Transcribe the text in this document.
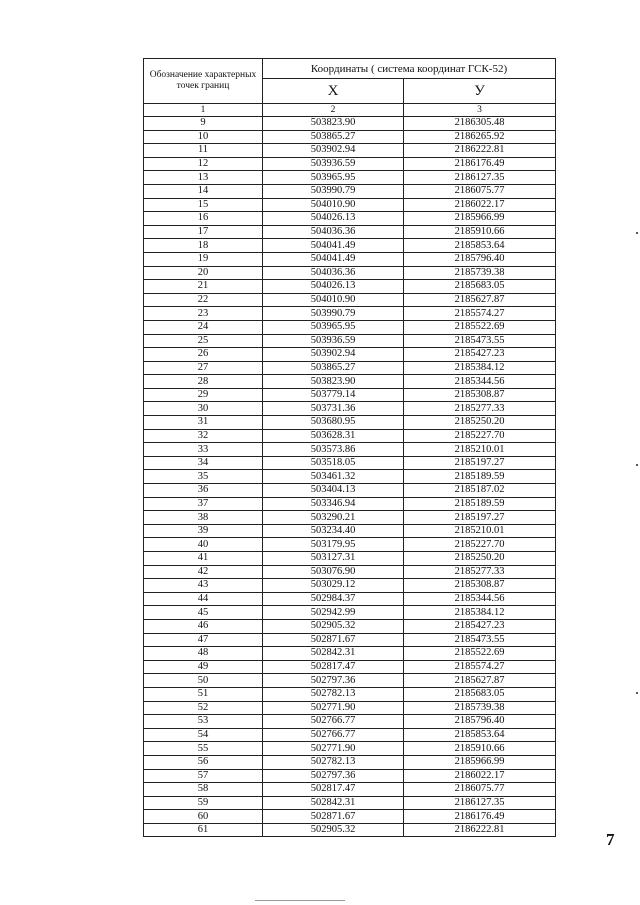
Обозначение характерных точек границ	Координаты ( система координат ГСК-52)	
	X	У
1	2	3
9	503823.90	2186305.48
10	503865.27	2186265.92
11	503902.94	2186222.81
12	503936.59	2186176.49
13	503965.95	2186127.35
14	503990.79	2186075.77
15	504010.90	2186022.17
16	504026.13	2185966.99
17	504036.36	2185910.66
18	504041.49	2185853.64
19	504041.49	2185796.40
20	504036.36	2185739.38
21	504026.13	2185683.05
22	504010.90	2185627.87
23	503990.79	2185574.27
24	503965.95	2185522.69
25	503936.59	2185473.55
26	503902.94	2185427.23
27	503865.27	2185384.12
28	503823.90	2185344.56
29	503779.14	2185308.87
30	503731.36	2185277.33
31	503680.95	2185250.20
32	503628.31	2185227.70
33	503573.86	2185210.01
34	503518.05	2185197.27
35	503461.32	2185189.59
36	503404.13	2185187.02
37	503346.94	2185189.59
38	503290.21	2185197.27
39	503234.40	2185210.01
40	503179.95	2185227.70
41	503127.31	2185250.20
42	503076.90	2185277.33
43	503029.12	2185308.87
44	502984.37	2185344.56
45	502942.99	2185384.12
46	502905.32	2185427.23
47	502871.67	2185473.55
48	502842.31	2185522.69
49	502817.47	2185574.27
50	502797.36	2185627.87
51	502782.13	2185683.05
52	502771.90	2185739.38
53	502766.77	2185796.40
54	502766.77	2185853.64
55	502771.90	2185910.66
56	502782.13	2185966.99
57	502797.36	2186022.17
58	502817.47	2186075.77
59	502842.31	2186127.35
60	502871.67	2186176.49
61	502905.32	2186222.81
7
